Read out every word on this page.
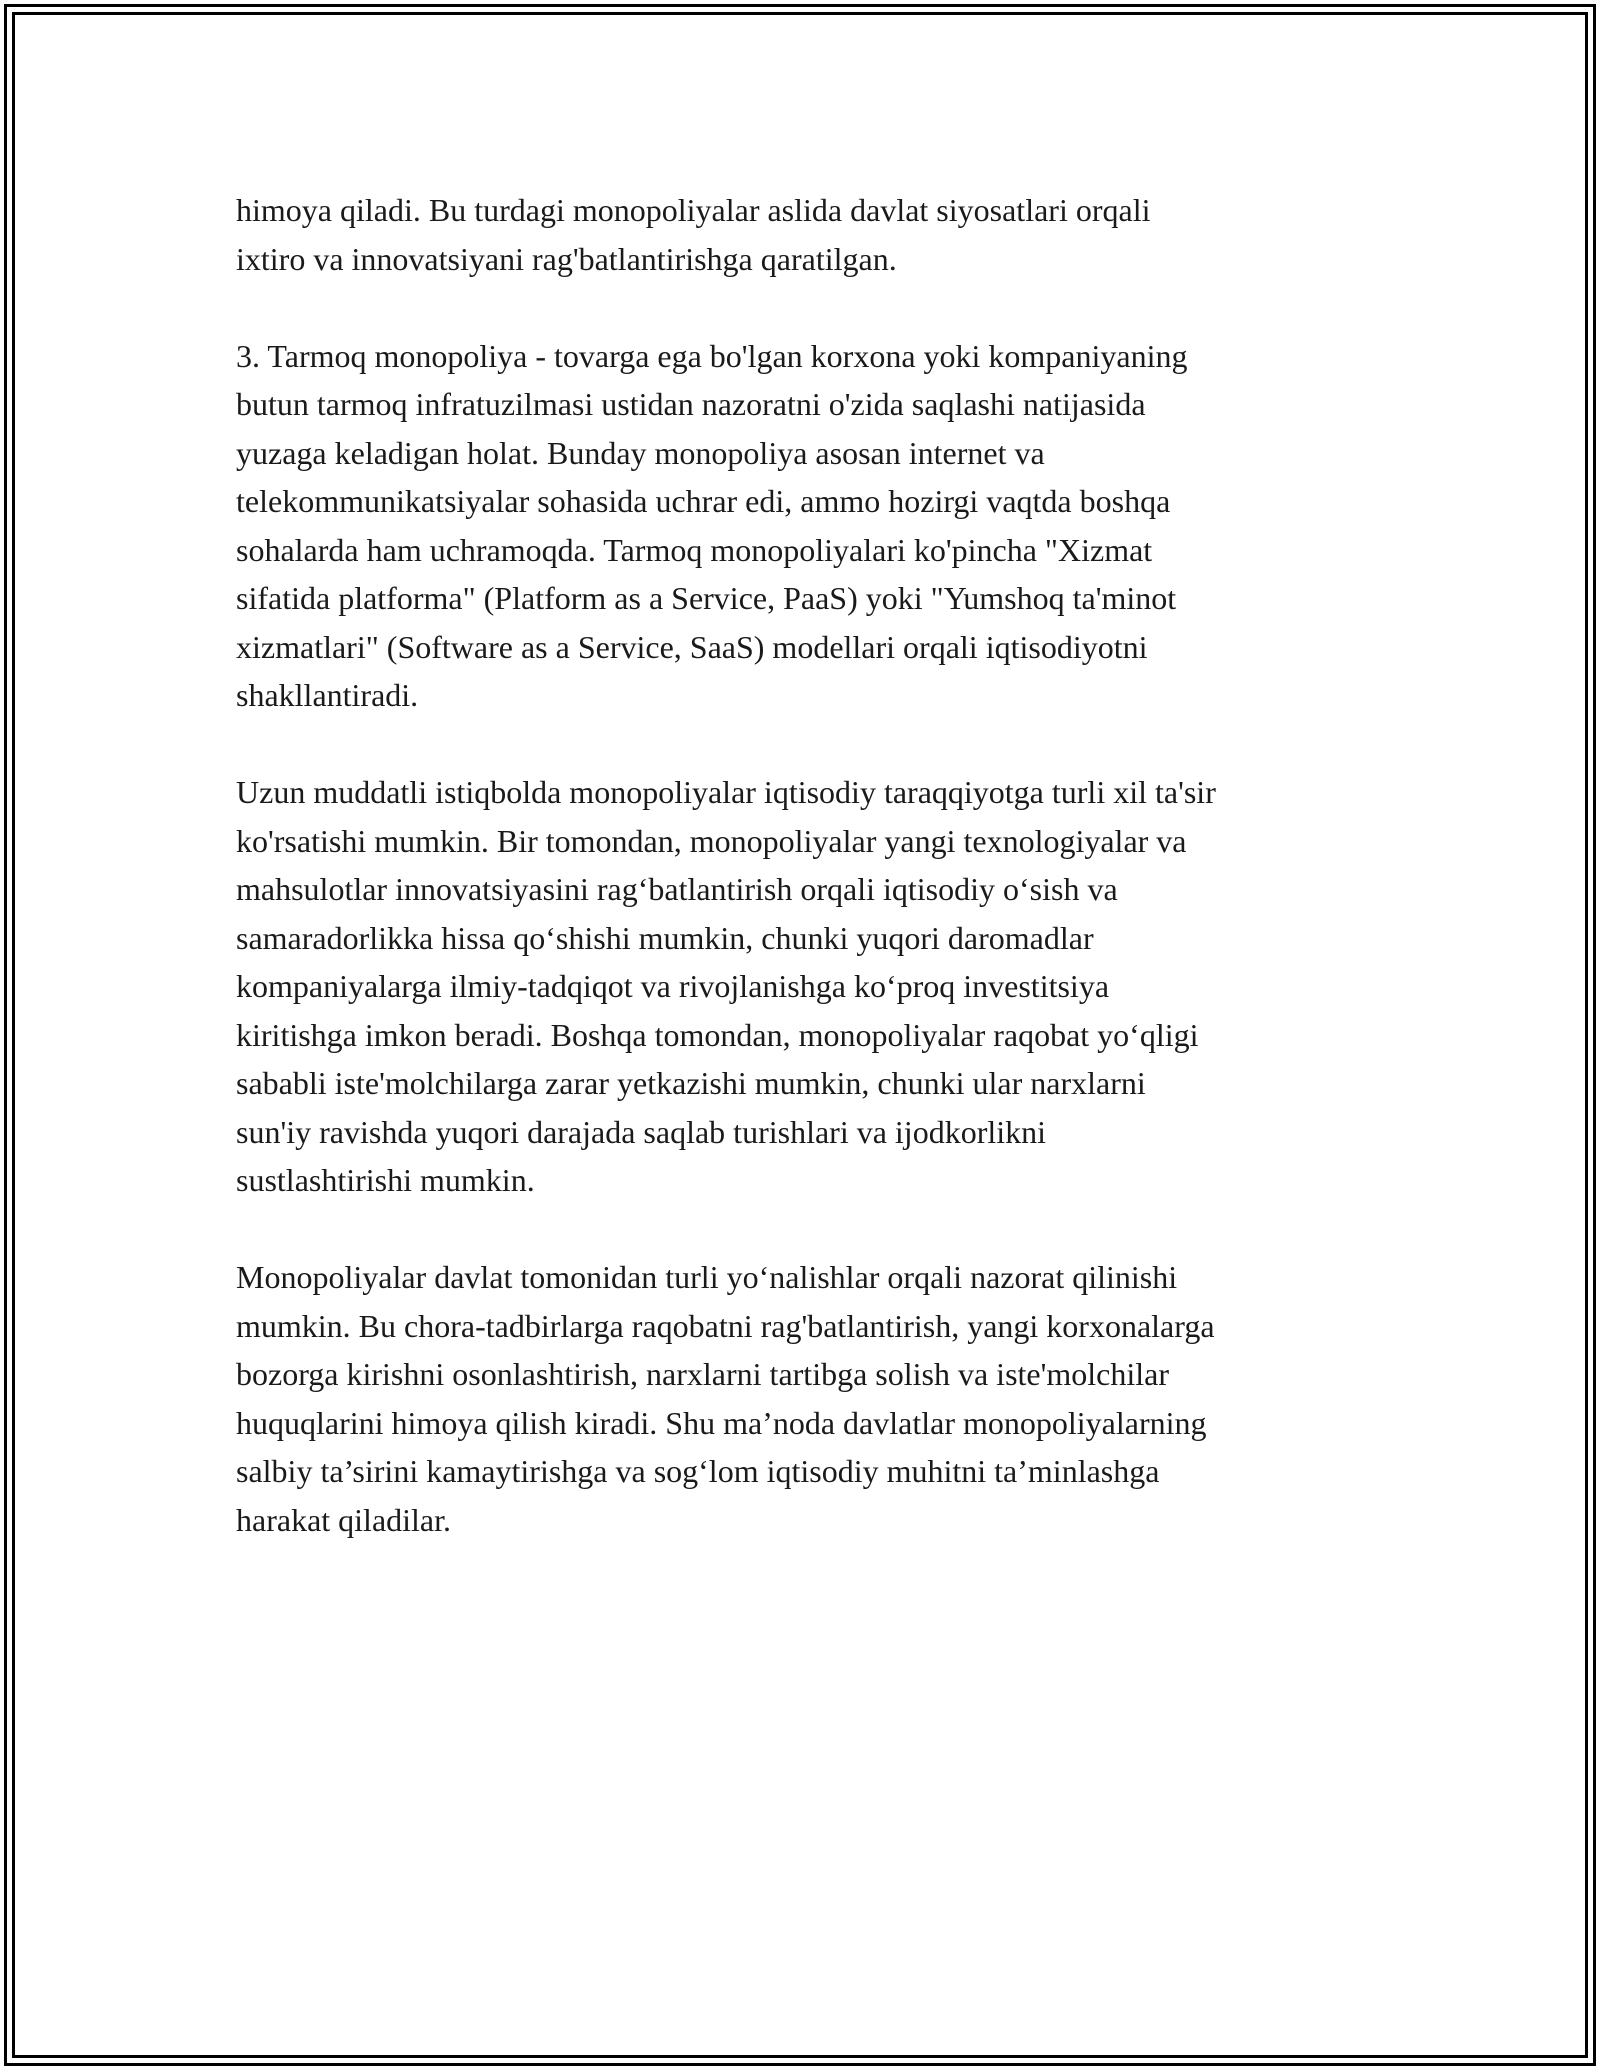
himoya qiladi. Bu turdagi monopoliyalar aslida davlat siyosatlari orqali
ixtiro va innovatsiyani rag'batlantirishga qaratilgan.

3. Tarmoq monopoliya - tovarga ega bo'lgan korxona yoki kompaniyaning
butun tarmoq infratuzilmasi ustidan nazoratni o'zida saqlashi natijasida
yuzaga keladigan holat. Bunday monopoliya asosan internet va
telekommunikatsiyalar sohasida uchrar edi, ammo hozirgi vaqtda boshqa
sohalarda ham uchramoqda. Tarmoq monopoliyalari ko'pincha "Xizmat
sifatida platforma" (Platform as a Service, PaaS) yoki "Yumshoq ta'minot
xizmatlari" (Software as a Service, SaaS) modellari orqali iqtisodiyotni
shakllantiradi.

Uzun muddatli istiqbolda monopoliyalar iqtisodiy taraqqiyotga turli xil ta'sir
ko'rsatishi mumkin. Bir tomondan, monopoliyalar yangi texnologiyalar va
mahsulotlar innovatsiyasini rag‘batlantirish orqali iqtisodiy o‘sish va
samaradorlikka hissa qo‘shishi mumkin, chunki yuqori daromadlar
kompaniyalarga ilmiy-tadqiqot va rivojlanishga ko‘proq investitsiya
kiritishga imkon beradi. Boshqa tomondan, monopoliyalar raqobat yo‘qligi
sababli iste'molchilarga zarar yetkazishi mumkin, chunki ular narxlarni
sun'iy ravishda yuqori darajada saqlab turishlari va ijodkorlikni
sustlashtirishi mumkin.

Monopoliyalar davlat tomonidan turli yo‘nalishlar orqali nazorat qilinishi
mumkin. Bu chora-tadbirlarga raqobatni rag'batlantirish, yangi korxonalarga
bozorga kirishni osonlashtirish, narxlarni tartibga solish va iste'molchilar
huquqlarini himoya qilish kiradi. Shu ma’noda davlatlar monopoliyalarning
salbiy ta’sirini kamaytirishga va sog‘lom iqtisodiy muhitni ta’minlashga
harakat qiladilar.
